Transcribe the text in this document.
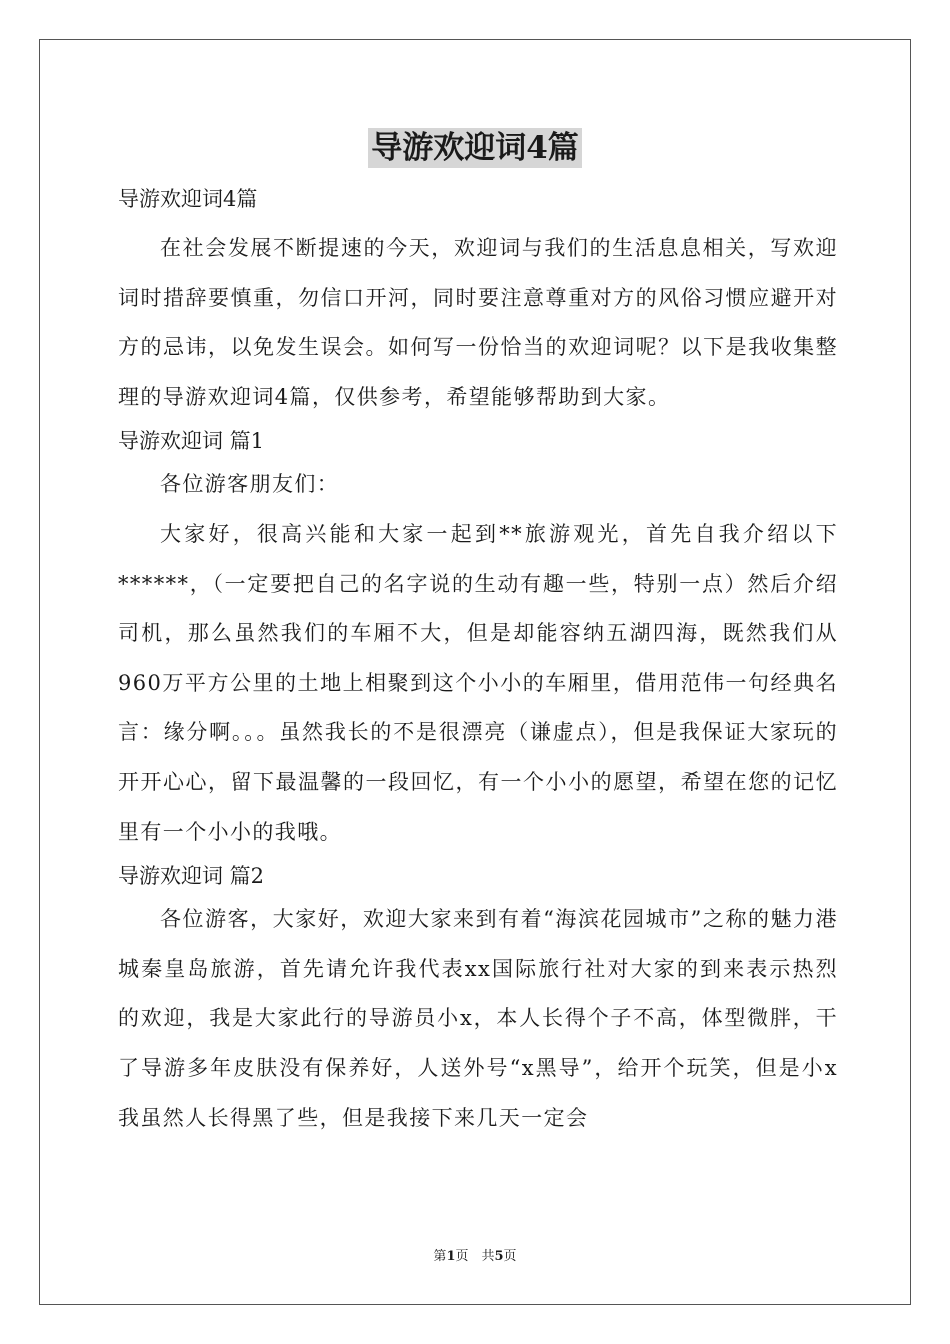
导游欢迎词4篇

导游欢迎词4篇

在社会发展不断提速的今天，欢迎词与我们的生活息息相关，写欢迎词时措辞要慎重，勿信口开河，同时要注意尊重对方的风俗习惯应避开对方的忌讳，以免发生误会。如何写一份恰当的欢迎词呢？以下是我收集整理的导游欢迎词4篇，仅供参考，希望能够帮助到大家。

导游欢迎词 篇1

各位游客朋友们：

大家好，很高兴能和大家一起到**旅游观光，首先自我介绍以下******，（一定要把自己的名字说的生动有趣一些，特别一点）然后介绍司机，那么虽然我们的车厢不大，但是却能容纳五湖四海，既然我们从960万平方公里的土地上相聚到这个小小的车厢里，借用范伟一句经典名言：缘分啊。。。虽然我长的不是很漂亮（谦虚点），但是我保证大家玩的开开心心，留下最温馨的一段回忆，有一个小小的愿望，希望在您的记忆里有一个小小的我哦。

导游欢迎词 篇2

各位游客，大家好，欢迎大家来到有着“海滨花园城市”之称的魅力港城秦皇岛旅游，首先请允许我代表xx国际旅行社对大家的到来表示热烈的欢迎，我是大家此行的导游员小x，本人长得个子不高，体型微胖，干了导游多年皮肤没有保养好，人送外号“x黑导”，给开个玩笑，但是小x我虽然人长得黑了些，但是我接下来几天一定会

第1页　共5页
